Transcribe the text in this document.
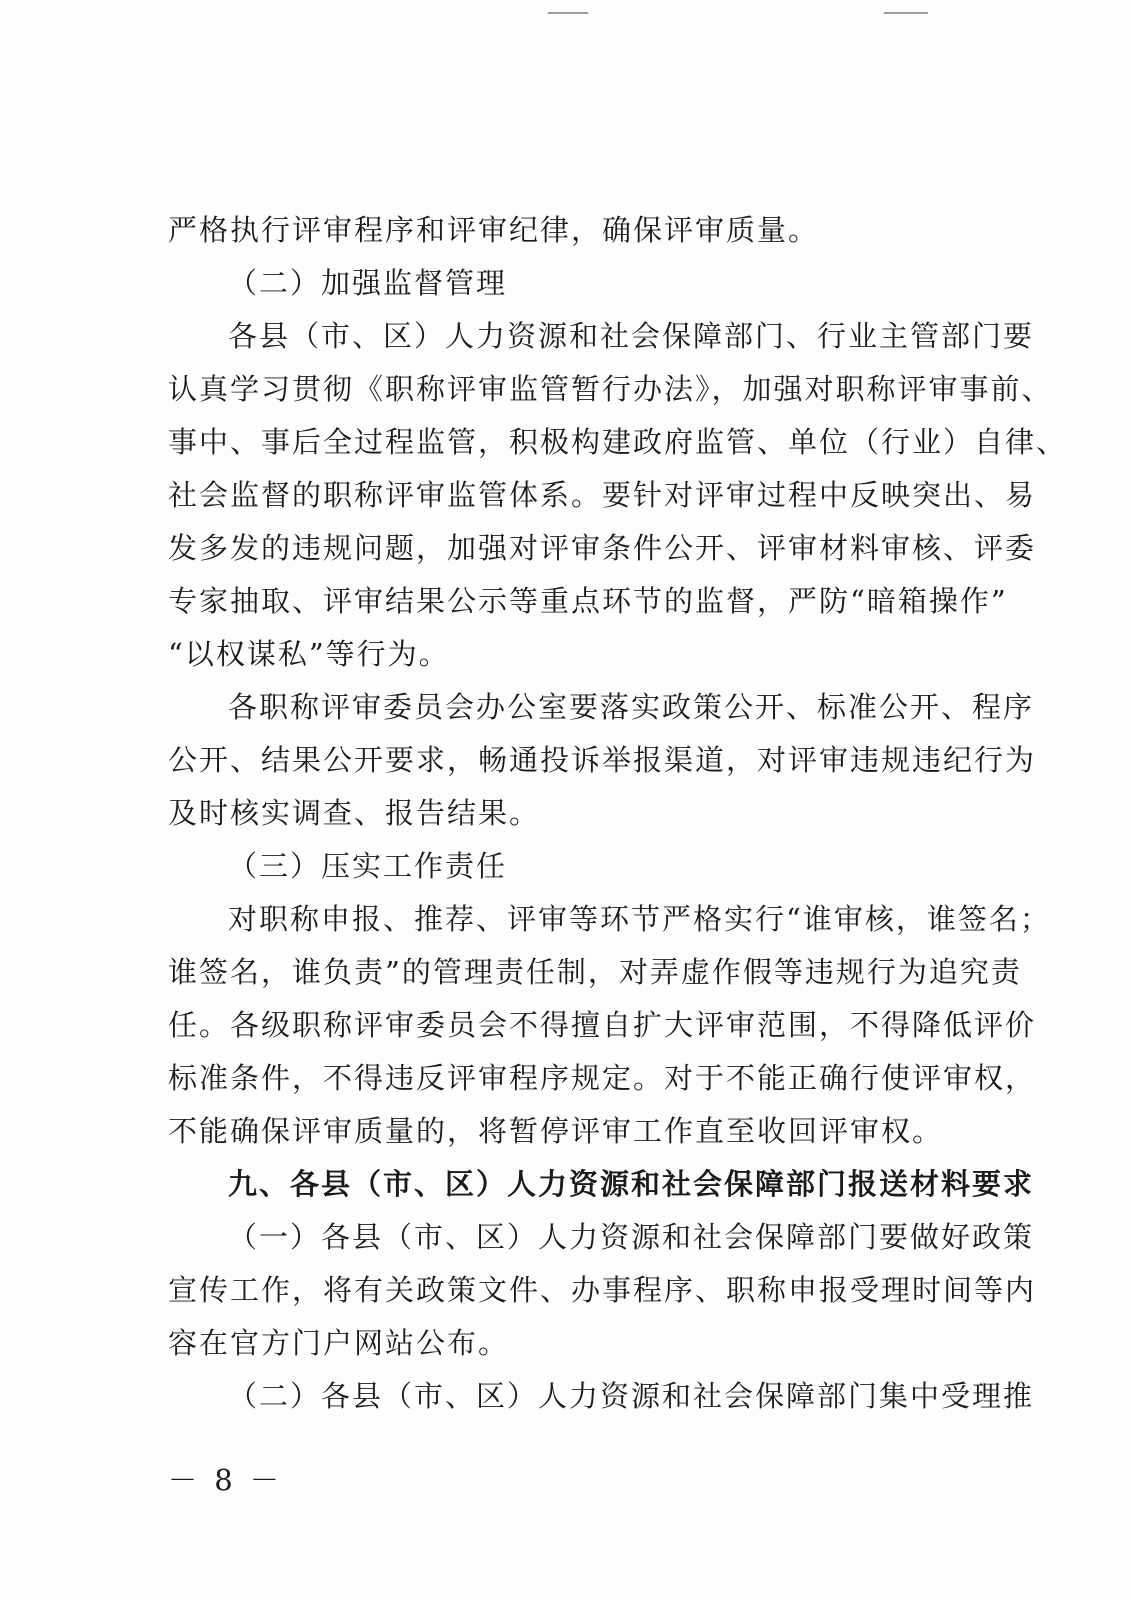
严格执行评审程序和评审纪律，确保评审质量。
（二）加强监督管理
各县（市、区）人力资源和社会保障部门、行业主管部门要
认真学习贯彻《职称评审监管暂行办法》，加强对职称评审事前、
事中、事后全过程监管，积极构建政府监管、单位（行业）自律、
社会监督的职称评审监管体系。要针对评审过程中反映突出、易
发多发的违规问题，加强对评审条件公开、评审材料审核、评委
专家抽取、评审结果公示等重点环节的监督，严防“暗箱操作”
“以权谋私”等行为。
各职称评审委员会办公室要落实政策公开、标准公开、程序
公开、结果公开要求，畅通投诉举报渠道，对评审违规违纪行为
及时核实调查、报告结果。
（三）压实工作责任
对职称申报、推荐、评审等环节严格实行“谁审核，谁签名；
谁签名，谁负责”的管理责任制，对弄虚作假等违规行为追究责
任。各级职称评审委员会不得擅自扩大评审范围，不得降低评价
标准条件，不得违反评审程序规定。对于不能正确行使评审权，
不能确保评审质量的，将暂停评审工作直至收回评审权。
九、各县（市、区）人力资源和社会保障部门报送材料要求
（一）各县（市、区）人力资源和社会保障部门要做好政策
宣传工作，将有关政策文件、办事程序、职称申报受理时间等内
容在官方门户网站公布。
（二）各县（市、区）人力资源和社会保障部门集中受理推
－ 8 －
